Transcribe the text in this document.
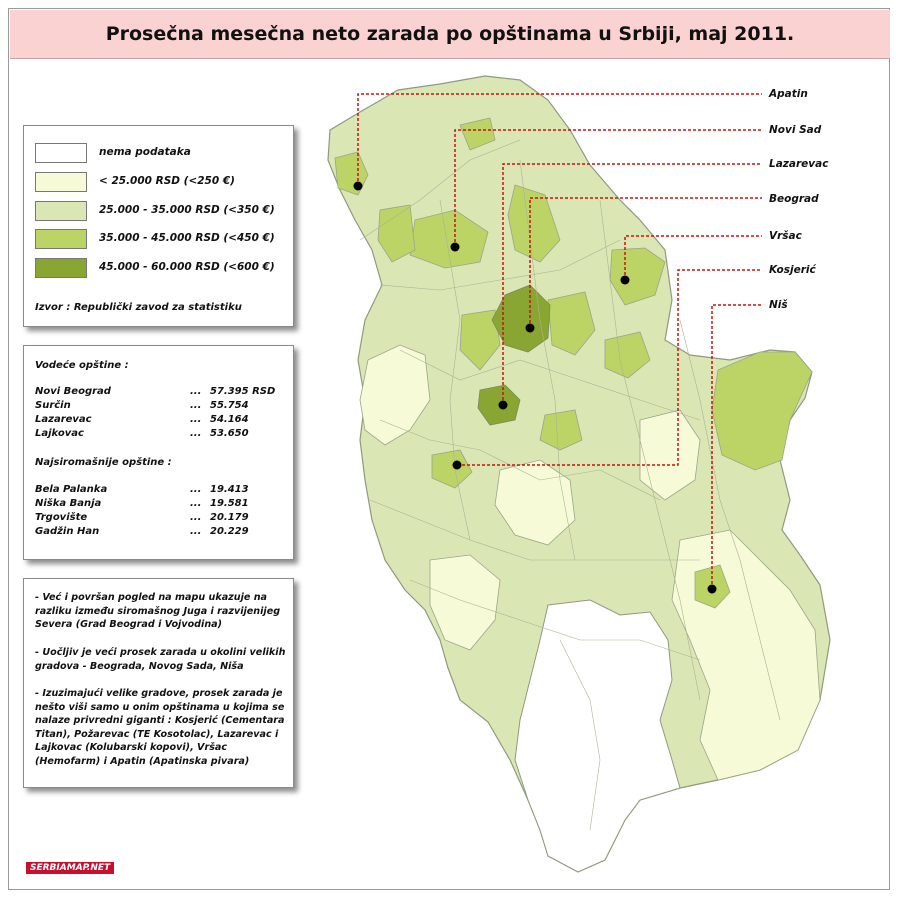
Prosečna mesečna neto zarada po opštinama u Srbiji, maj 2011.
Apatin
Novi Sad
Lazarevac
Beograd
Vršac
Kosjerić
Niš
nema podataka
< 25.000 RSD (<250 €)
25.000 - 35.000 RSD (<350 €)
35.000 - 45.000 RSD (<450 €)
45.000 - 60.000 RSD (<600 €)
Izvor : Republički zavod za statistiku
Vodeće opštine :
Novi Beograd	... 57.395 RSD
Surčin	... 55.754
Lazarevac	... 54.164
Lajkovac	... 53.650
Najsiromašnije opštine :
Bela Palanka	... 19.413
Niška Banja	... 19.581
Trgovište	... 20.179
Gadžin Han	... 20.229
- Već i površan pogled na mapu ukazuje na razliku između siromašnog Juga i razvijenijeg Severa (Grad Beograd i Vojvodina)
- Uočljiv je veći prosek zarada u okolini velikih gradova - Beograda, Novog Sada, Niša
- Izuzimajući velike gradove, prosek zarada je nešto viši samo u onim opštinama u kojima se nalaze privredni giganti : Kosjerić (Cementara Titan), Požarevac (TE Kosotolac), Lazarevac i Lajkovac (Kolubarski kopovi), Vršac (Hemofarm) i Apatin (Apatinska pivara)
SERBIAMAP.NET
